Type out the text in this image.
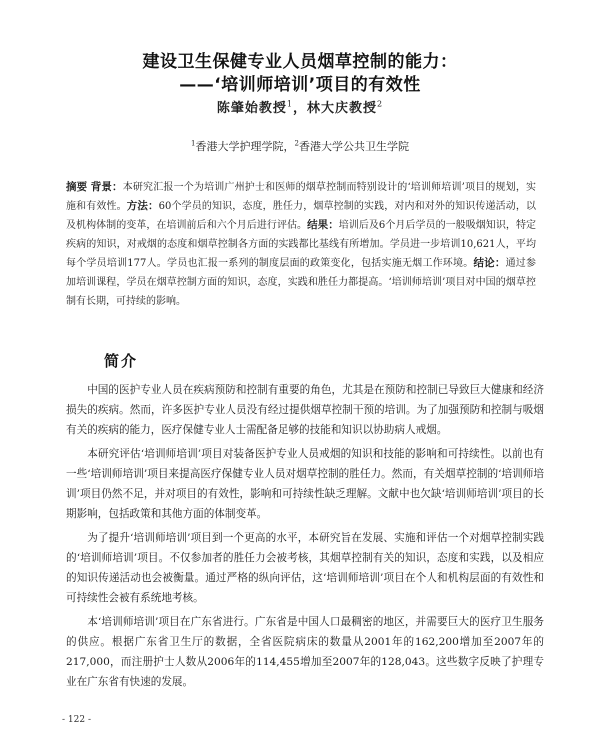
建设卫生保健专业人员烟草控制的能力：
——‘培训师培训’项目的有效性
陈肇始教授$^1$，林大庆教授$^2$
$^1$香港大学护理学院，$^2$香港大学公共卫生学院
摘要 背景：本研究汇报一个为培训广州护士和医师的烟草控制而特别设计的‘培训师培训’项目的规划，实施和有效性。方法：60个学员的知识，态度，胜任力，烟草控制的实践，对内和对外的知识传递活动，以及机构体制的变革，在培训前后和六个月后进行评估。结果：培训后及6个月后学员的一般吸烟知识，特定疾病的知识，对戒烟的态度和烟草控制各方面的实践都比基线有所增加。学员进一步培训10,621人，平均每个学员培训177人。学员也汇报一系列的制度层面的政策变化，包括实施无烟工作环境。结论：通过参加培训课程，学员在烟草控制方面的知识，态度，实践和胜任力都提高。‘培训师培训’项目对中国的烟草控制有长期，可持续的影响。
简介

中国的医护专业人员在疾病预防和控制有重要的角色，尤其是在预防和控制已导致巨大健康和经济损失的疾病。然而，许多医护专业人员没有经过提供烟草控制干预的培训。为了加强预防和控制与吸烟有关的疾病的能力，医疗保健专业人士需配备足够的技能和知识以协助病人戒烟。

本研究评估‘培训师培训’项目对装备医护专业人员戒烟的知识和技能的影响和可持续性。以前也有一些‘培训师培训’项目来提高医疗保健专业人员对烟草控制的胜任力。然而，有关烟草控制的‘培训师培训’项目仍然不足，并对项目的有效性，影响和可持续性缺乏理解。文献中也欠缺‘培训师培训’项目的长期影响，包括政策和其他方面的体制变革。

为了提升‘培训师培训’项目到一个更高的水平，本研究旨在发展、实施和评估一个对烟草控制实践的‘培训师培训’项目。不仅参加者的胜任力会被考核，其烟草控制有关的知识，态度和实践，以及相应的知识传递活动也会被衡量。通过严格的纵向评估，这‘培训师培训’项目在个人和机构层面的有效性和可持续性会被有系统地考核。

本‘培训师培训’项目在广东省进行。广东省是中国人口最稠密的地区，并需要巨大的医疗卫生服务的供应。根据广东省卫生厅的数据，全省医院病床的数量从2001年的162,200增加至2007年的217,000，而注册护士人数从2006年的114,455增加至2007年的128,043。这些数字反映了护理专业在广东省有快速的发展。

- 122 -
